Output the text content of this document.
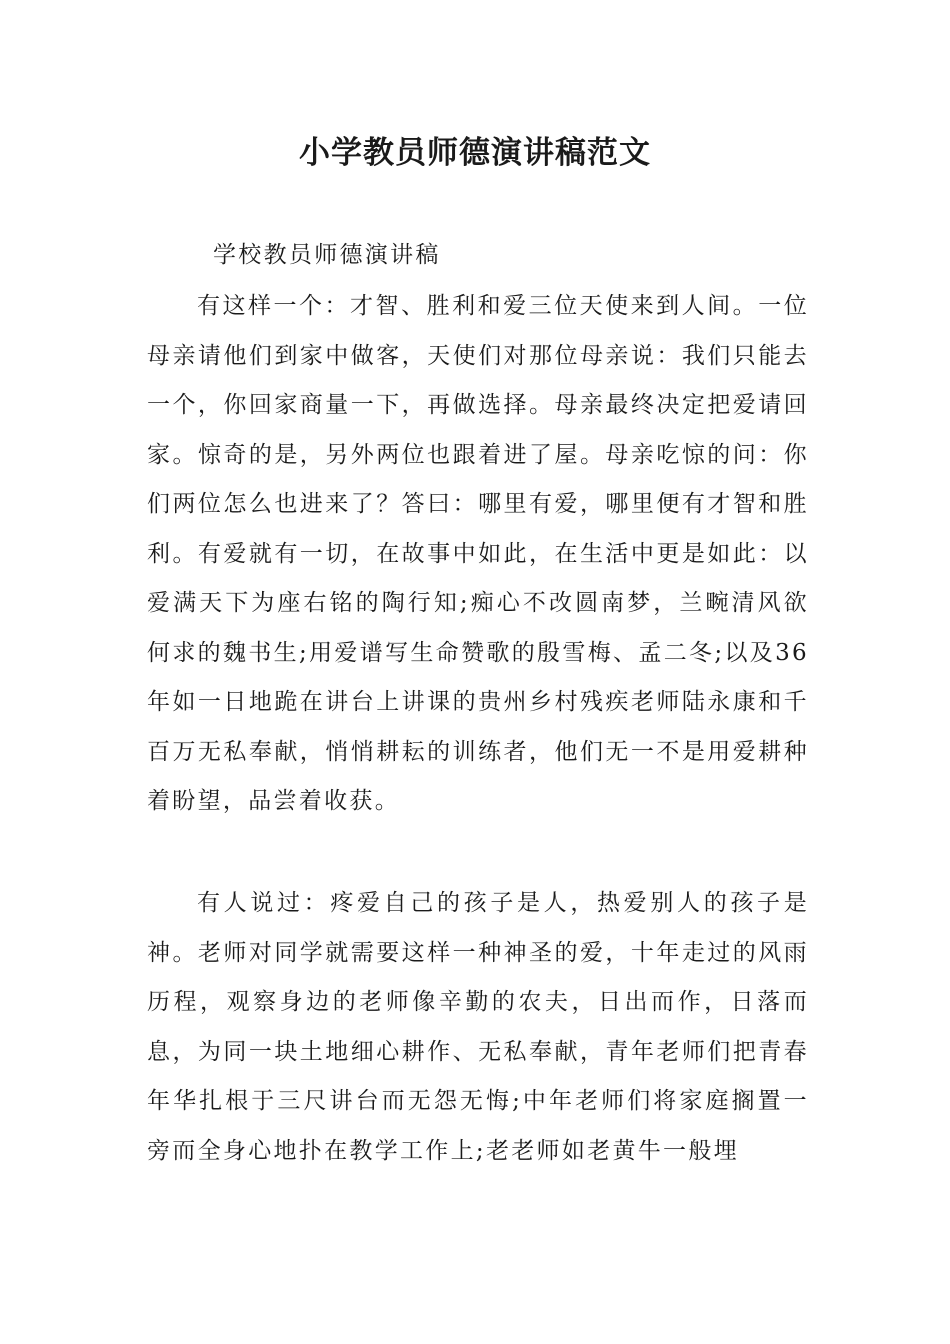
小学教员师德演讲稿范文

学校教员师德演讲稿

有这样一个：才智、胜利和爱三位天使来到人间。一位母亲请他们到家中做客，天使们对那位母亲说：我们只能去一个，你回家商量一下，再做选择。母亲最终决定把爱请回家。惊奇的是，另外两位也跟着进了屋。母亲吃惊的问：你们两位怎么也进来了？答曰：哪里有爱，哪里便有才智和胜利。有爱就有一切，在故事中如此，在生活中更是如此：以爱满天下为座右铭的陶行知;痴心不改圆南梦，兰畹清风欲何求的魏书生;用爱谱写生命赞歌的殷雪梅、孟二冬;以及36年如一日地跪在讲台上讲课的贵州乡村残疾老师陆永康和千百万无私奉献，悄悄耕耘的训练者，他们无一不是用爱耕种着盼望，品尝着收获。

有人说过：疼爱自己的孩子是人，热爱别人的孩子是神。老师对同学就需要这样一种神圣的爱，十年走过的风雨历程，观察身边的老师像辛勤的农夫，日出而作，日落而息，为同一块土地细心耕作、无私奉献，青年老师们把青春年华扎根于三尺讲台而无怨无悔;中年老师们将家庭搁置一旁而全身心地扑在教学工作上;老老师如老黄牛一般埋
